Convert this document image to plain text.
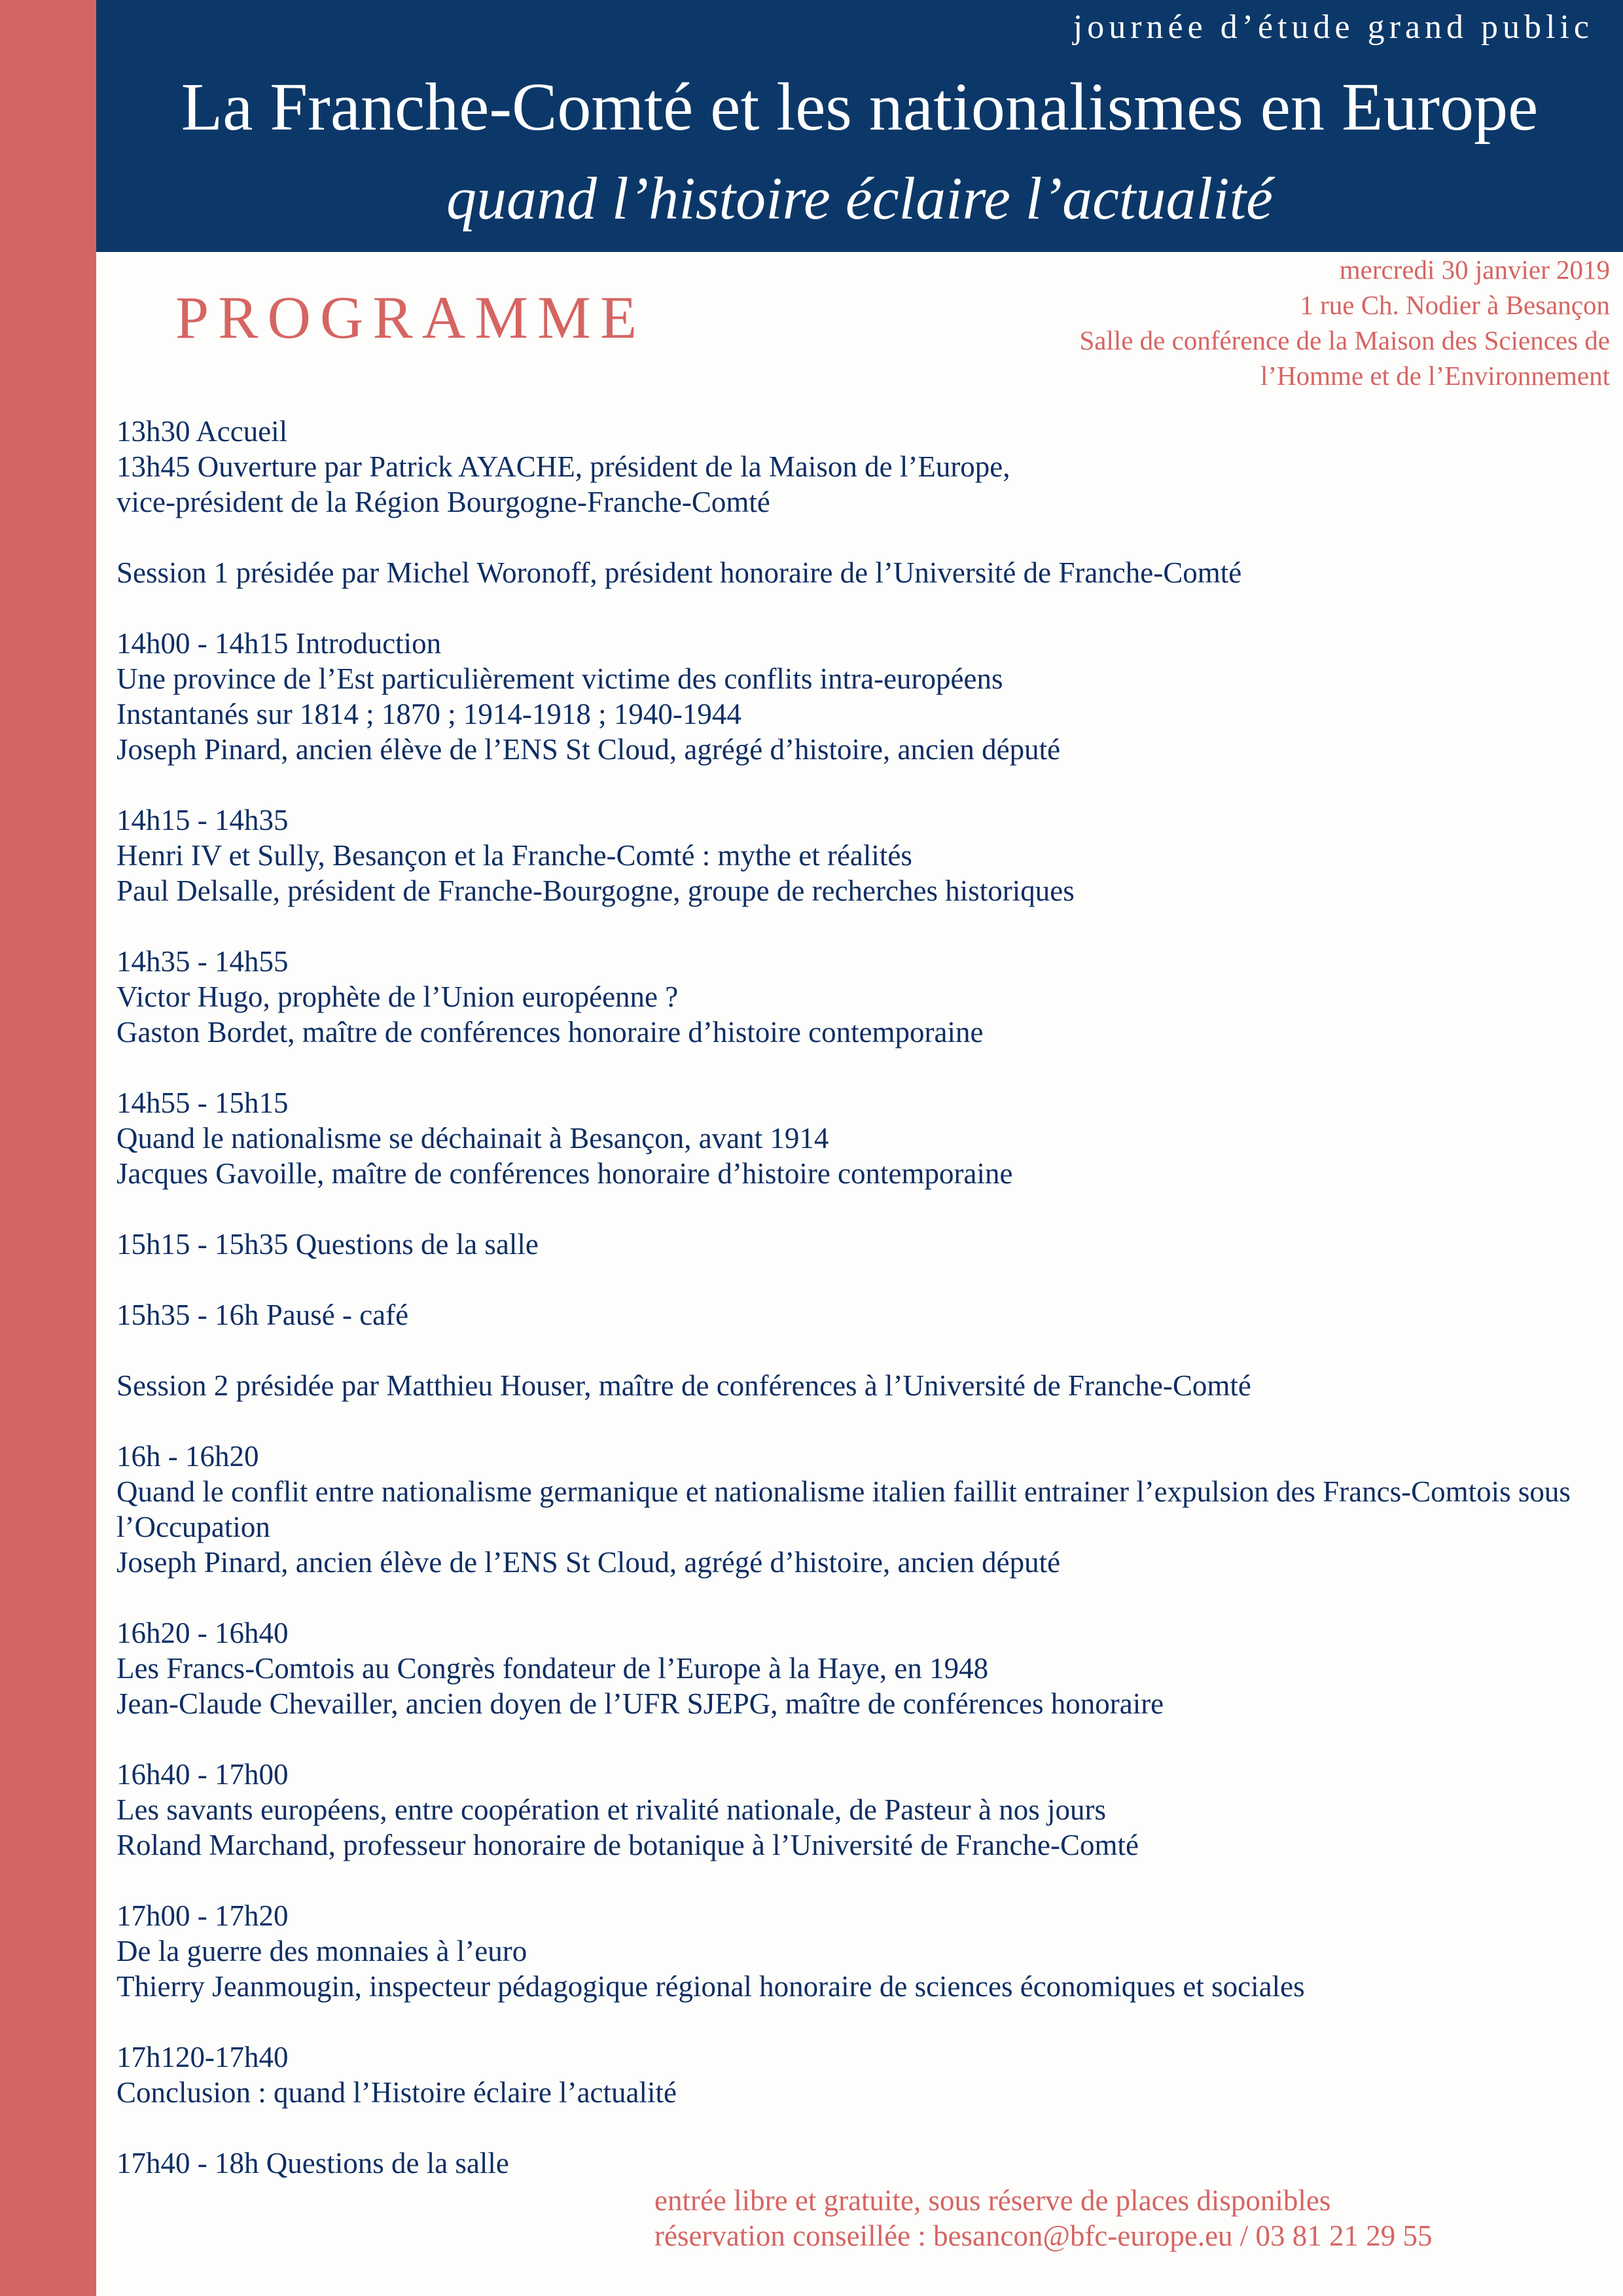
journée d’étude grand public
La Franche-Comté et les nationalismes en Europe
quand l’histoire éclaire l’actualité
PROGRAMME
mercredi 30 janvier 2019
1 rue Ch. Nodier à Besançon
Salle de conférence de la Maison des Sciences de
l’Homme et de l’Environnement
13h30 Accueil
13h45 Ouverture par Patrick AYACHE, président de la Maison de l’Europe,
vice-président de la Région Bourgogne-Franche-Comté
Session 1 présidée par Michel Woronoff, président honoraire de l’Université de Franche-Comté
14h00 - 14h15 Introduction
Une province de l’Est particulièrement victime des conflits intra-européens
Instantanés sur 1814 ; 1870 ; 1914-1918 ; 1940-1944
Joseph Pinard, ancien élève de l’ENS St Cloud, agrégé d’histoire, ancien député
14h15 - 14h35
Henri IV et Sully, Besançon et la Franche-Comté : mythe et réalités
Paul Delsalle, président de Franche-Bourgogne, groupe de recherches historiques
14h35 - 14h55
Victor Hugo, prophète de l’Union européenne ?
Gaston Bordet, maître de conférences honoraire d’histoire contemporaine
14h55 - 15h15
Quand le nationalisme se déchainait à Besançon, avant 1914
Jacques Gavoille, maître de conférences honoraire d’histoire contemporaine
15h15 - 15h35 Questions de la salle
15h35 - 16h Pausé - café
Session 2 présidée par Matthieu Houser, maître de conférences à l’Université de Franche-Comté
16h - 16h20
Quand le conflit entre nationalisme germanique et nationalisme italien faillit entrainer l’expulsion des Francs-Comtois sous l’Occupation
Joseph Pinard, ancien élève de l’ENS St Cloud, agrégé d’histoire, ancien député
16h20 - 16h40
Les Francs-Comtois au Congrès fondateur de l’Europe à la Haye, en 1948
Jean-Claude Chevailler, ancien doyen de l’UFR SJEPG, maître de conférences honoraire
16h40 - 17h00
Les savants européens, entre coopération et rivalité nationale, de Pasteur à nos jours
Roland Marchand, professeur honoraire de botanique à l’Université de Franche-Comté
17h00 - 17h20
De la guerre des monnaies à l’euro
Thierry Jeanmougin, inspecteur pédagogique régional honoraire de sciences économiques et sociales
17h120-17h40
Conclusion : quand l’Histoire éclaire l’actualité
17h40 - 18h Questions de la salle
entrée libre et gratuite, sous réserve de places disponibles
réservation conseillée : besancon@bfc-europe.eu / 03 81 21 29 55
